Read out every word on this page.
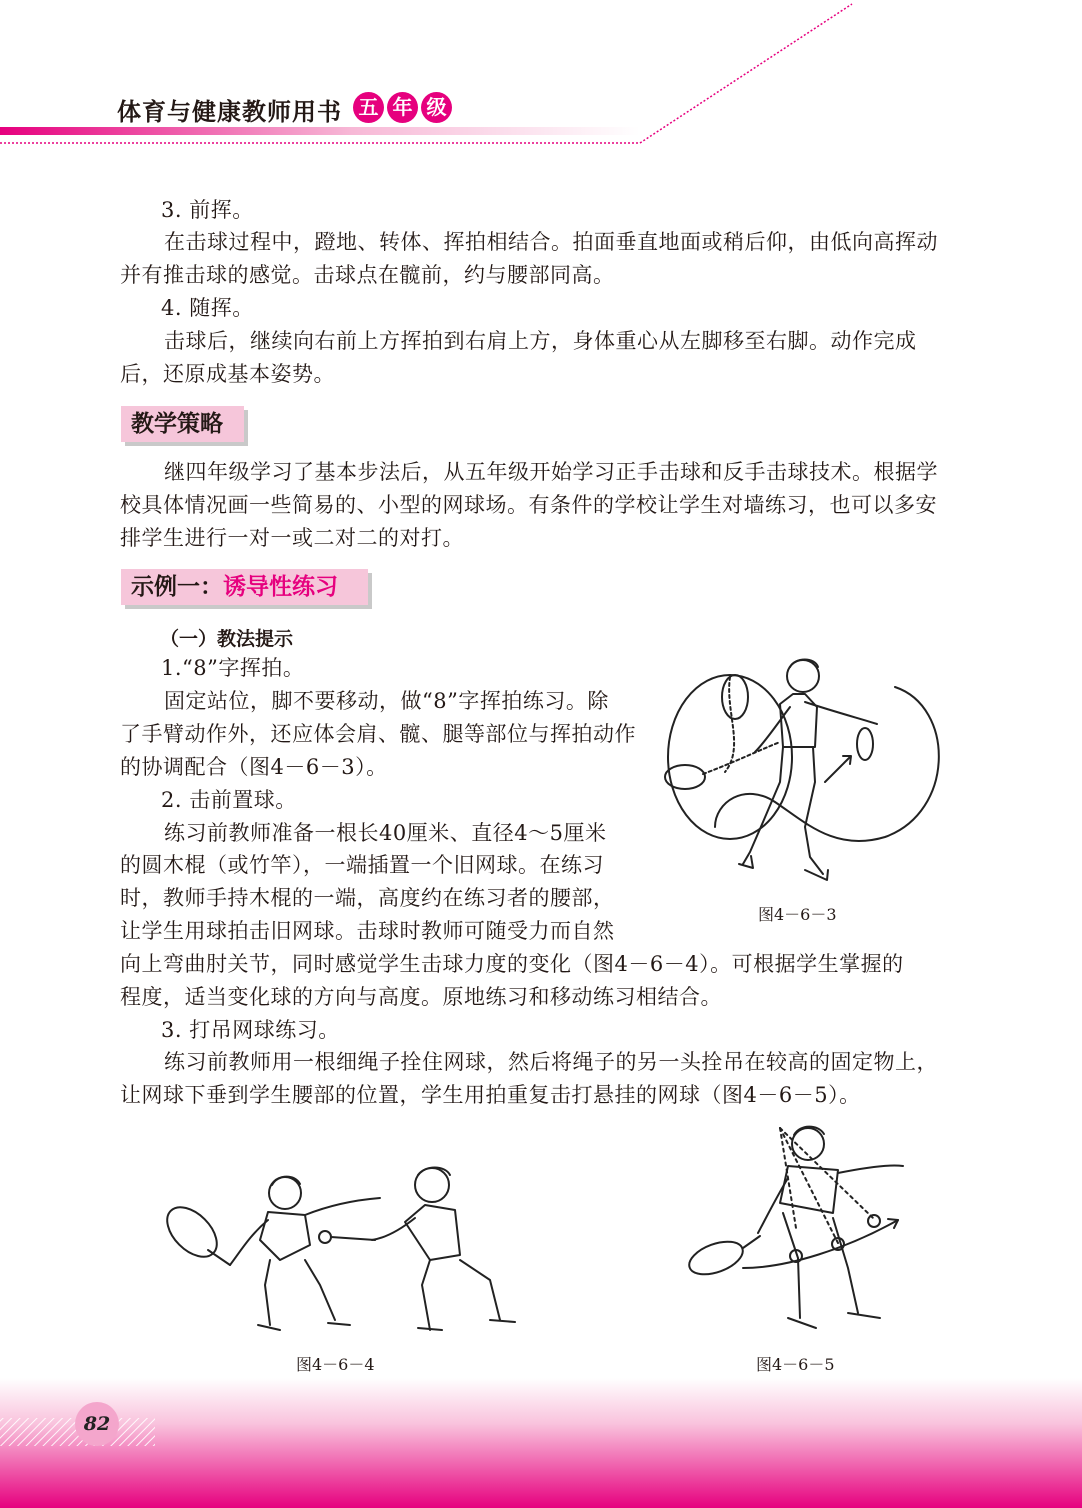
体育与健康教师用书 五 年 级
3. 前挥。
在击球过程中，蹬地、转体、挥拍相结合。拍面垂直地面或稍后仰，由低向高挥动
并有推击球的感觉。击球点在髋前，约与腰部同高。
4. 随挥。
击球后，继续向右前上方挥拍到右肩上方，身体重心从左脚移至右脚。动作完成
后，还原成基本姿势。
教学策略
继四年级学习了基本步法后，从五年级开始学习正手击球和反手击球技术。根据学
校具体情况画一些简易的、小型的网球场。有条件的学校让学生对墙练习，也可以多安
排学生进行一对一或二对二的对打。
示例一：诱导性练习
（一）教法提示
1.“8”字挥拍。
固定站位，脚不要移动，做“8”字挥拍练习。除
了手臂动作外，还应体会肩、髋、腿等部位与挥拍动作
的协调配合（图4－6－3）。
2. 击前置球。
练习前教师准备一根长40厘米、直径4～5厘米
的圆木棍（或竹竿），一端插置一个旧网球。在练习
时，教师手持木棍的一端，高度约在练习者的腰部，
让学生用球拍击旧网球。击球时教师可随受力而自然
向上弯曲肘关节，同时感觉学生击球力度的变化（图4－6－4）。可根据学生掌握的
程度，适当变化球的方向与高度。原地练习和移动练习相结合。
3. 打吊网球练习。
练习前教师用一根细绳子拴住网球，然后将绳子的另一头拴吊在较高的固定物上，
让网球下垂到学生腰部的位置，学生用拍重复击打悬挂的网球（图4－6－5）。
图4－6－3
图4－6－4	图4－6－5
82
